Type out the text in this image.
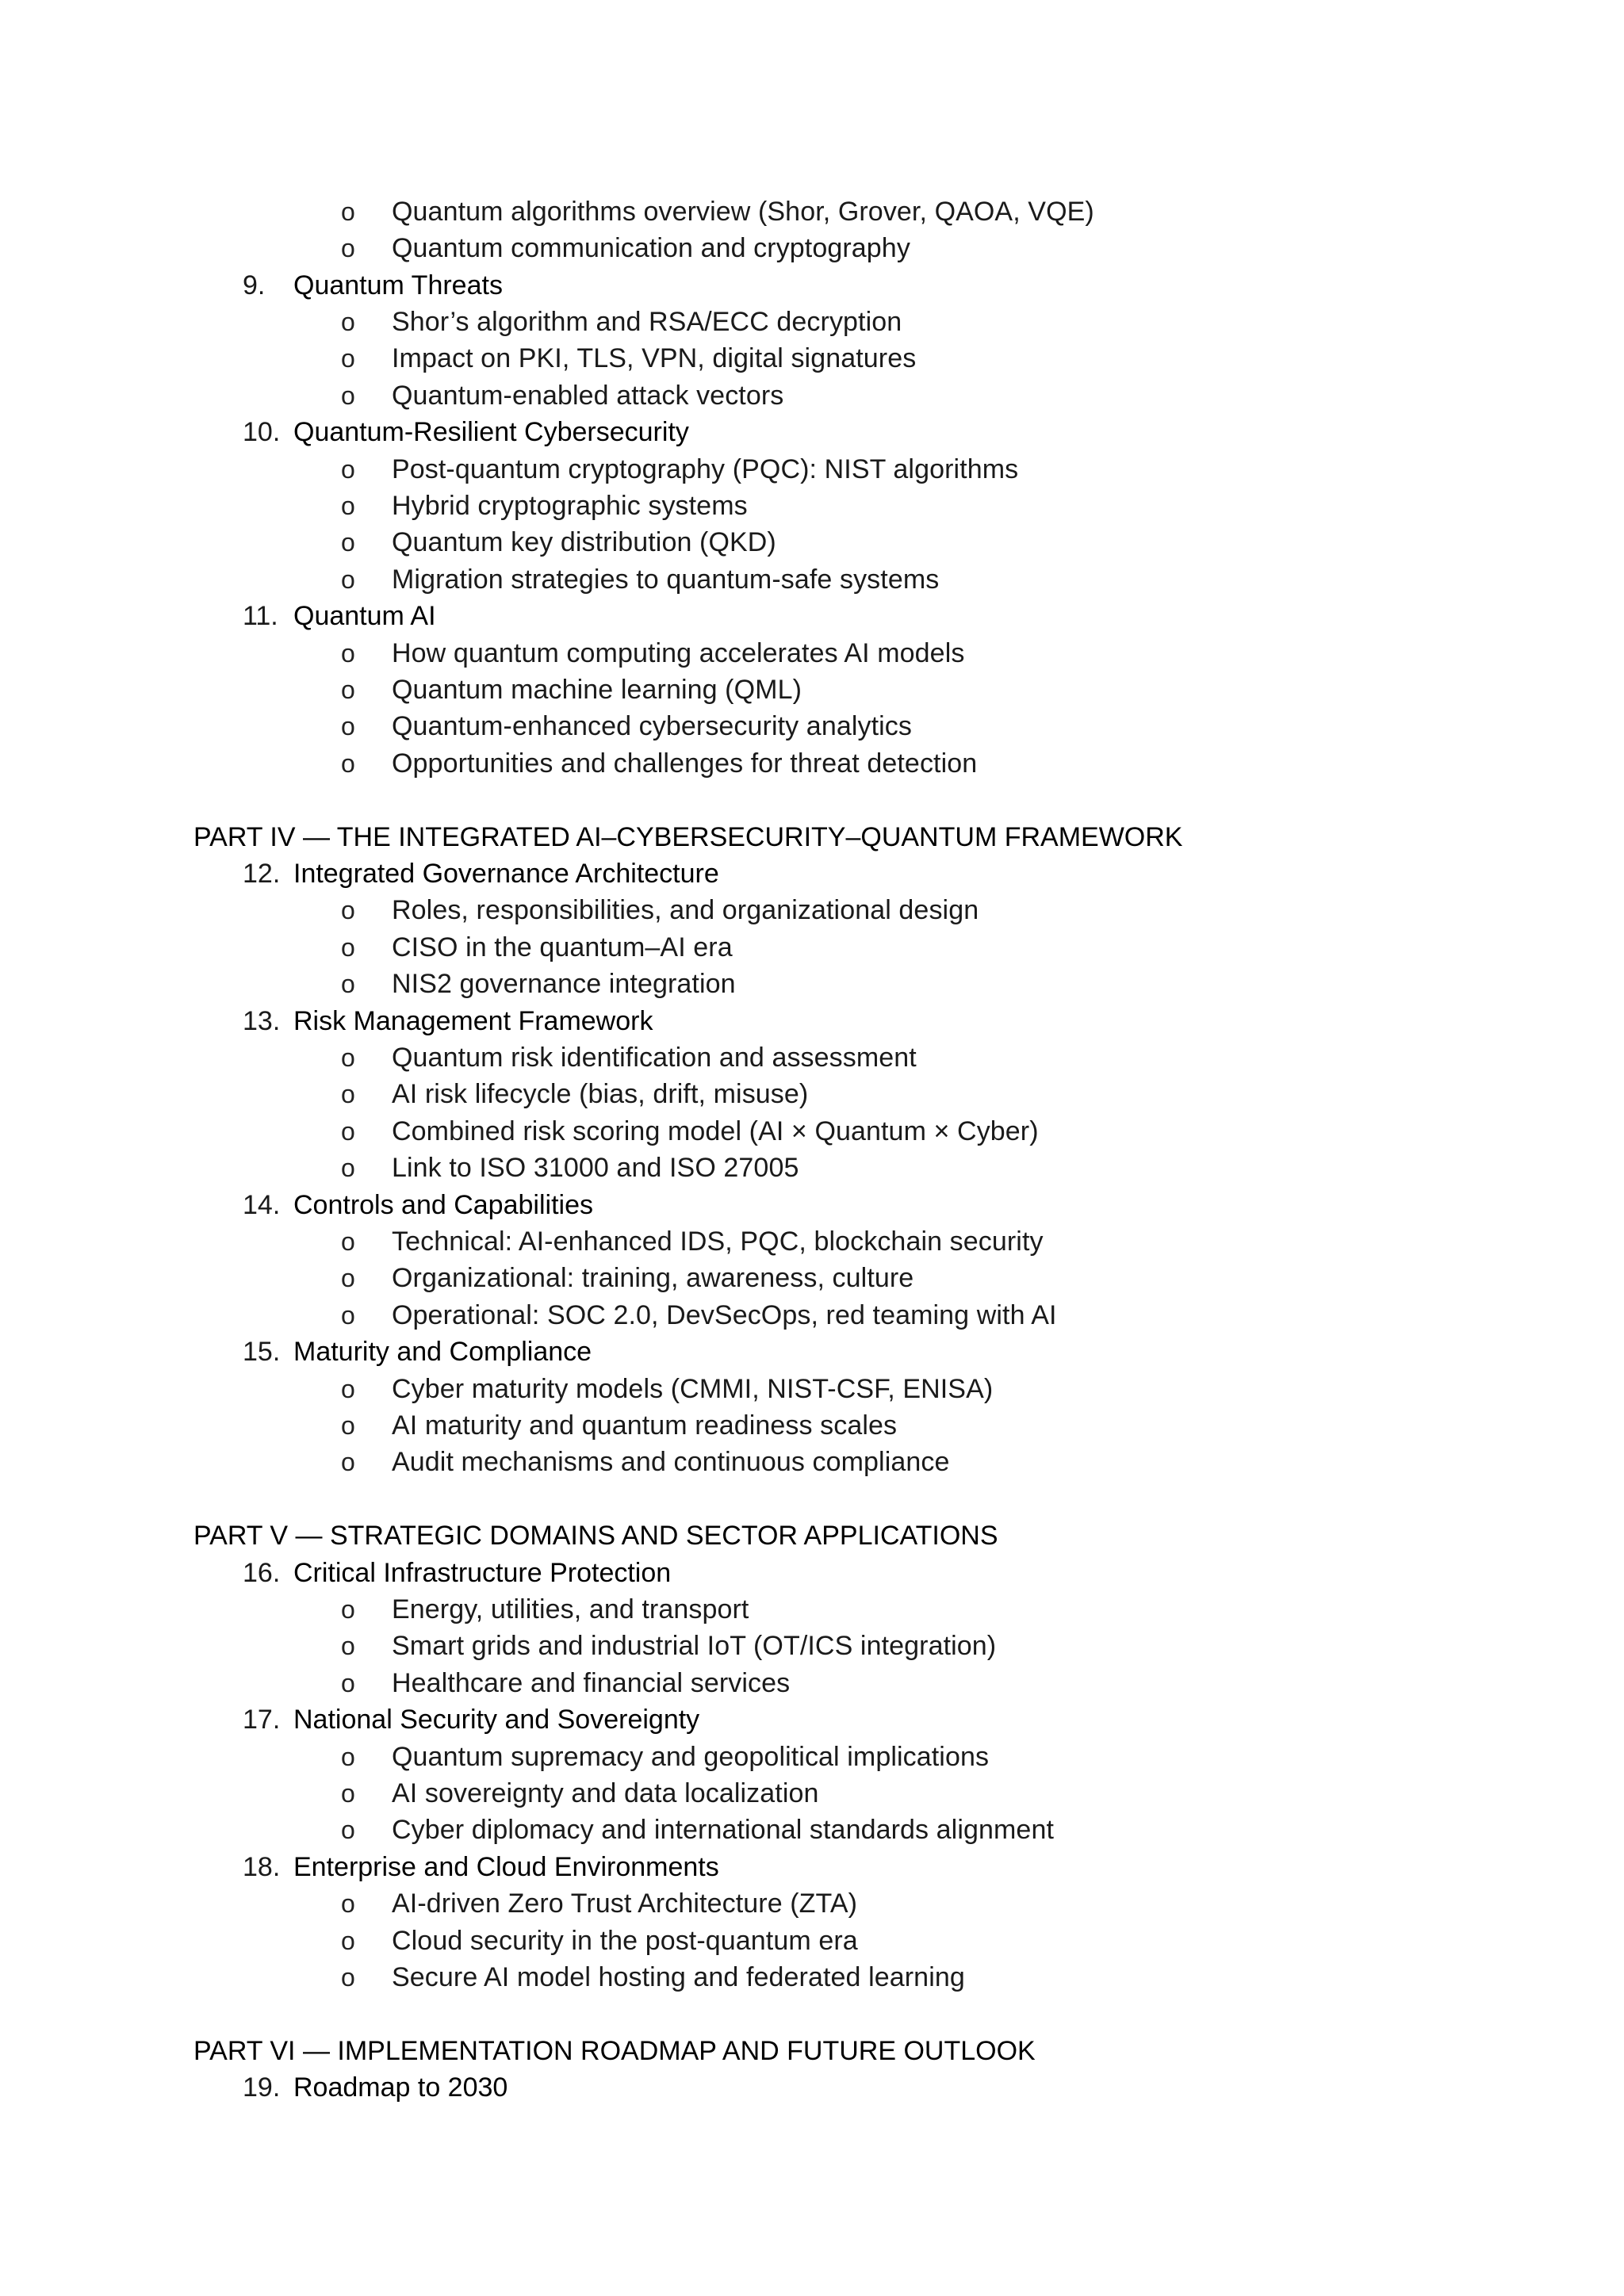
o	Quantum algorithms overview (Shor, Grover, QAOA, VQE)
o	Quantum communication and cryptography
9.	Quantum Threats
o	Shor’s algorithm and RSA/ECC decryption
o	Impact on PKI, TLS, VPN, digital signatures
o	Quantum-enabled attack vectors
10. Quantum-Resilient Cybersecurity
o	Post-quantum cryptography (PQC): NIST algorithms
o	Hybrid cryptographic systems
o	Quantum key distribution (QKD)
o	Migration strategies to quantum-safe systems
11. Quantum AI
o	How quantum computing accelerates AI models
o	Quantum machine learning (QML)
o	Quantum-enhanced cybersecurity analytics
o	Opportunities and challenges for threat detection
PART IV — THE INTEGRATED AI–CYBERSECURITY–QUANTUM FRAMEWORK
12. Integrated Governance Architecture
o	Roles, responsibilities, and organizational design
o	CISO in the quantum–AI era
o	NIS2 governance integration
13. Risk Management Framework
o	Quantum risk identification and assessment
o	AI risk lifecycle (bias, drift, misuse)
o	Combined risk scoring model (AI × Quantum × Cyber)
o	Link to ISO 31000 and ISO 27005
14. Controls and Capabilities
o	Technical: AI-enhanced IDS, PQC, blockchain security
o	Organizational: training, awareness, culture
o	Operational: SOC 2.0, DevSecOps, red teaming with AI
15. Maturity and Compliance
o	Cyber maturity models (CMMI, NIST-CSF, ENISA)
o	AI maturity and quantum readiness scales
o	Audit mechanisms and continuous compliance
PART V — STRATEGIC DOMAINS AND SECTOR APPLICATIONS
16. Critical Infrastructure Protection
o	Energy, utilities, and transport
o	Smart grids and industrial IoT (OT/ICS integration)
o	Healthcare and financial services
17. National Security and Sovereignty
o	Quantum supremacy and geopolitical implications
o	AI sovereignty and data localization
o	Cyber diplomacy and international standards alignment
18. Enterprise and Cloud Environments
o	AI-driven Zero Trust Architecture (ZTA)
o	Cloud security in the post-quantum era
o	Secure AI model hosting and federated learning
PART VI — IMPLEMENTATION ROADMAP AND FUTURE OUTLOOK
19. Roadmap to 2030
